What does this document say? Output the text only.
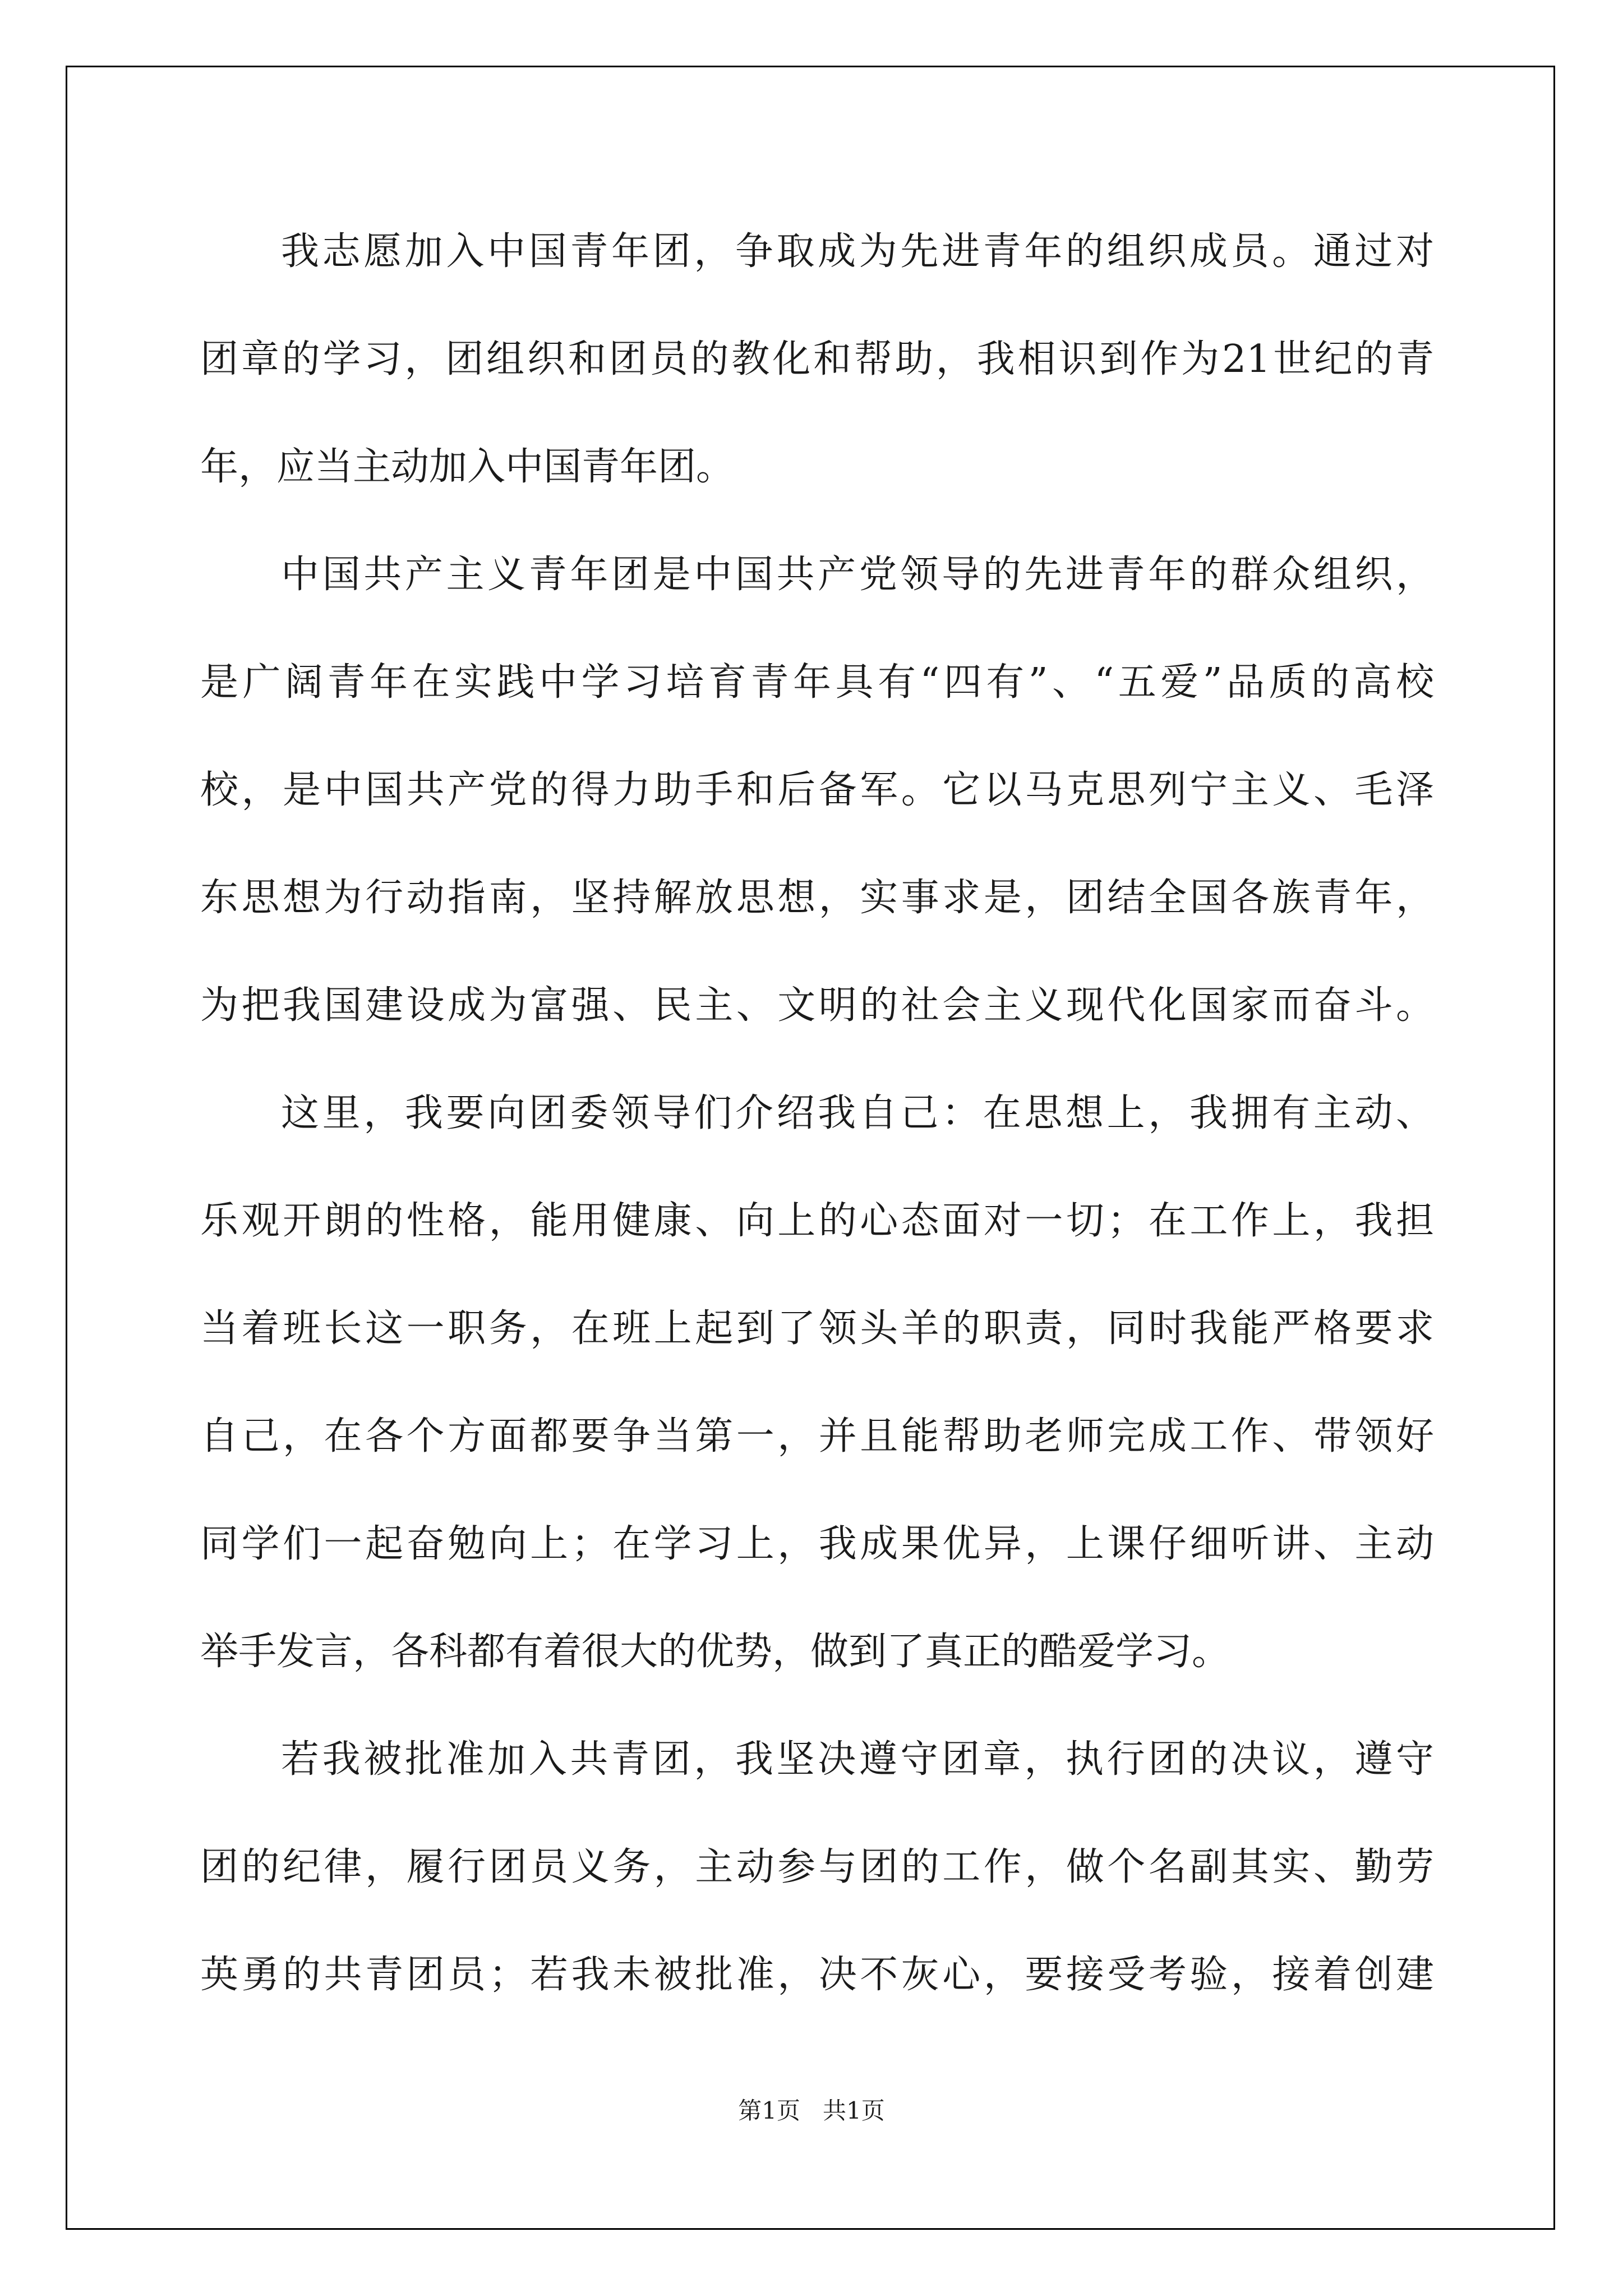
我志愿加入中国青年团，争取成为先进青年的组织成员。通过对
团章的学习，团组织和团员的教化和帮助，我相识到作为21世纪的青
年，应当主动加入中国青年团。
中国共产主义青年团是中国共产党领导的先进青年的群众组织，
是广阔青年在实践中学习培育青年具有“四有”、“五爱”品质的高校
校，是中国共产党的得力助手和后备军。它以马克思列宁主义、毛泽
东思想为行动指南，坚持解放思想，实事求是，团结全国各族青年，
为把我国建设成为富强、民主、文明的社会主义现代化国家而奋斗。
这里，我要向团委领导们介绍我自己：在思想上，我拥有主动、
乐观开朗的性格，能用健康、向上的心态面对一切；在工作上，我担
当着班长这一职务，在班上起到了领头羊的职责，同时我能严格要求
自己，在各个方面都要争当第一，并且能帮助老师完成工作、带领好
同学们一起奋勉向上；在学习上，我成果优异，上课仔细听讲、主动
举手发言，各科都有着很大的优势，做到了真正的酷爱学习。
若我被批准加入共青团，我坚决遵守团章，执行团的决议，遵守
团的纪律，履行团员义务，主动参与团的工作，做个名副其实、勤劳
英勇的共青团员；若我未被批准，决不灰心，要接受考验，接着创建
第1页   共1页
